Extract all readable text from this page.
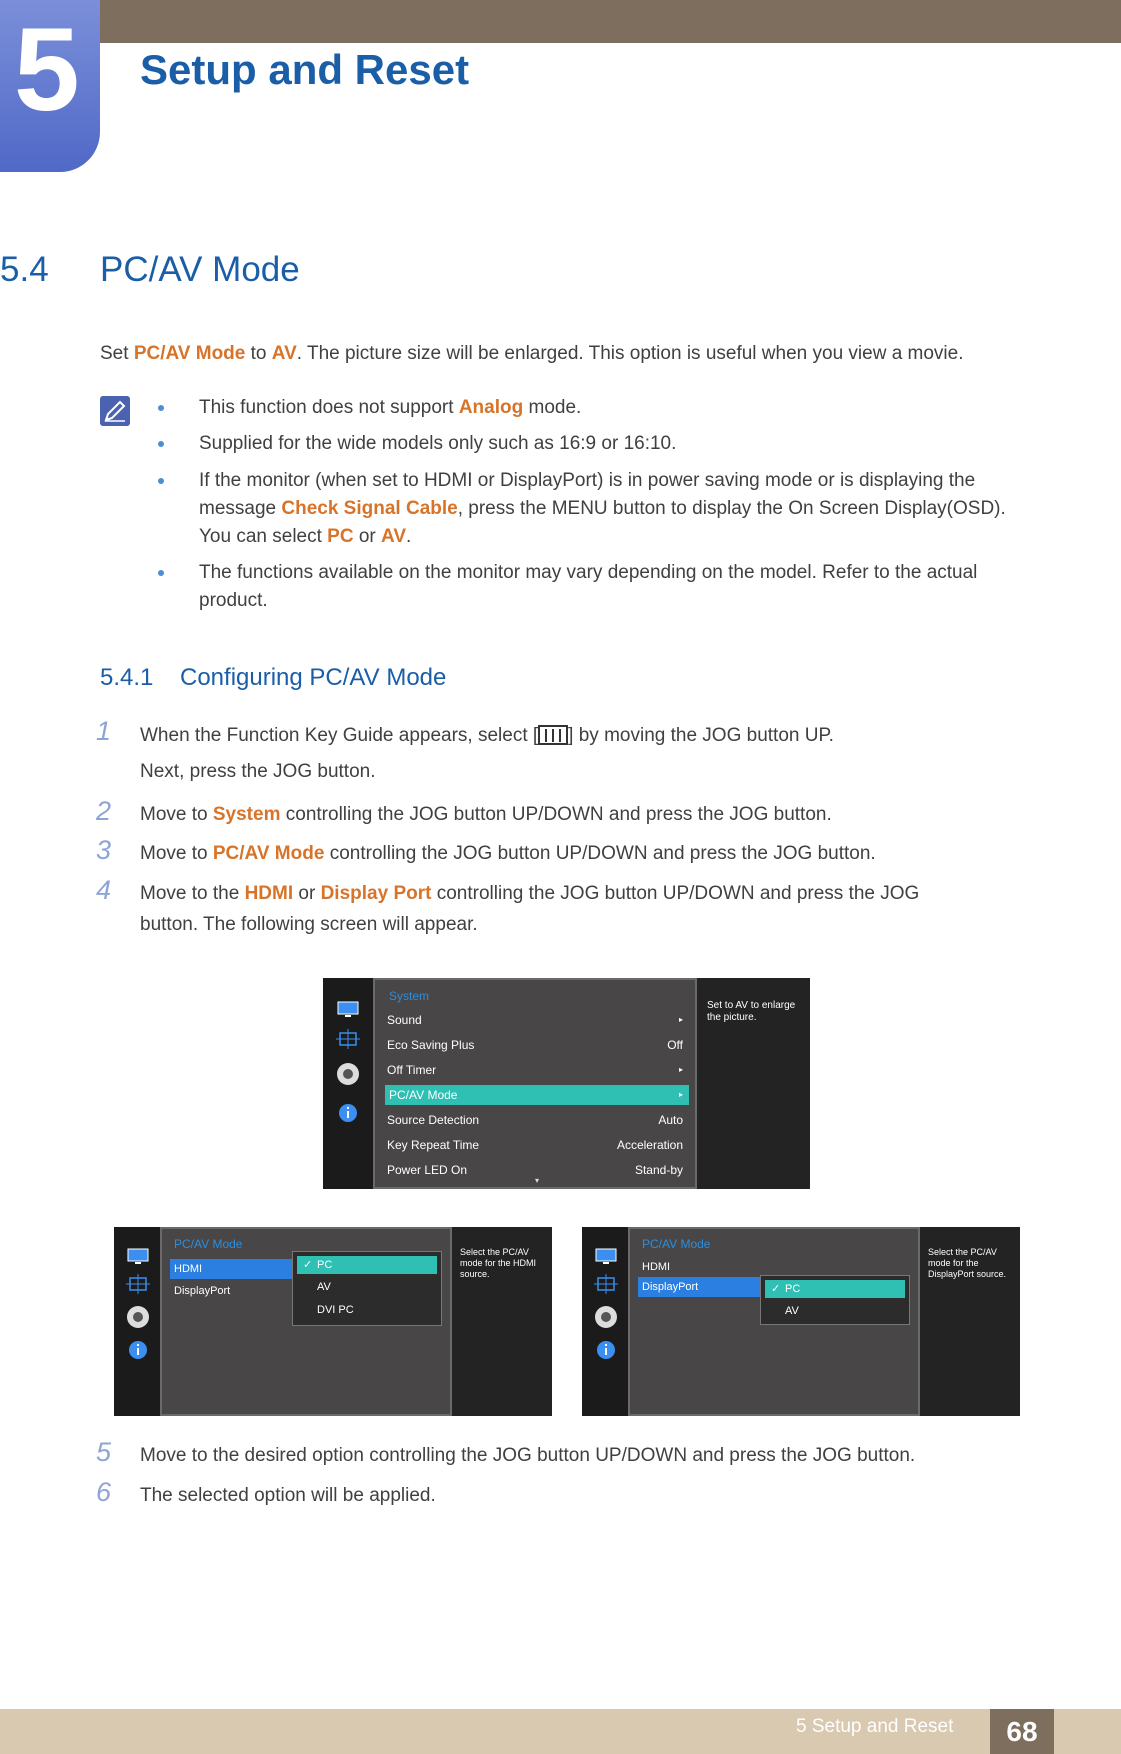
5 Setup and Reset
5.4 PC/AV Mode
Set PC/AV Mode to AV. The picture size will be enlarged. This option is useful when you view a movie.
This function does not support Analog mode.
Supplied for the wide models only such as 16:9 or 16:10.
If the monitor (when set to HDMI or DisplayPort) is in power saving mode or is displaying the
message Check Signal Cable, press the MENU button to display the On Screen Display(OSD).
You can select PC or AV.
The functions available on the monitor may vary depending on the model. Refer to the actual
product.
5.4.1 Configuring PC/AV Mode
1 When the Function Key Guide appears, select [ ] by moving the JOG button UP.
Next, press the JOG button.
2 Move to System controlling the JOG button UP/DOWN and press the JOG button.
3 Move to PC/AV Mode controlling the JOG button UP/DOWN and press the JOG button.
4 Move to the HDMI or Display Port controlling the JOG button UP/DOWN and press the JOG
button. The following screen will appear.
System
Sound	▸
Eco Saving Plus	Off
Off Timer	▸
PC/AV Mode	▸
Source Detection	Auto
Key Repeat Time	Acceleration
Power LED On	Stand-by
▾
Set to AV to enlarge the picture.
PC/AV Mode
HDMI
DisplayPort
✓ PC
AV
DVI PC
Select the PC/AV mode for the HDMI source.
PC/AV Mode
HDMI
DisplayPort	✓ PC
AV
Select the PC/AV mode for the DisplayPort source.
5 Move to the desired option controlling the JOG button UP/DOWN and press the JOG button.
6 The selected option will be applied.
5 Setup and Reset	68
